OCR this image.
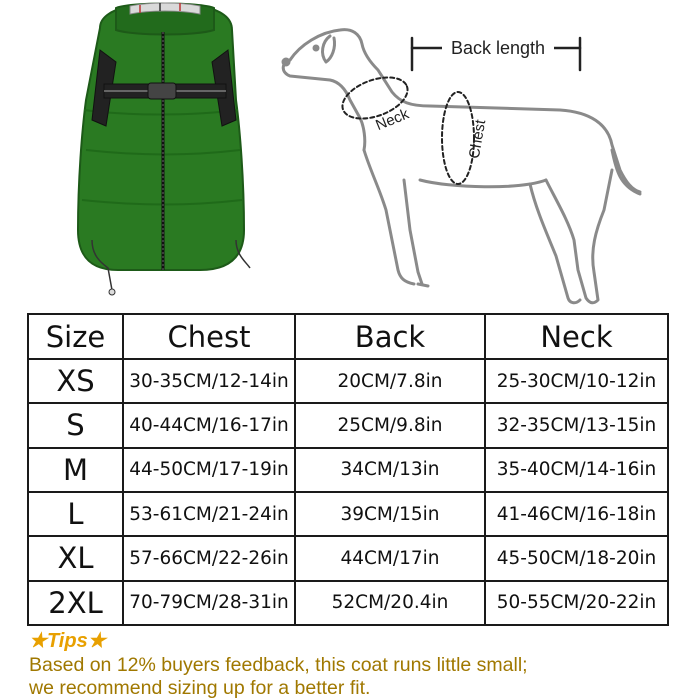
Back length
Neck	Chest
Size	Chest	Back	Neck
XS	30-35CM/12-14in	20CM/7.8in	25-30CM/10-12in
S	40-44CM/16-17in	25CM/9.8in	32-35CM/13-15in
M	44-50CM/17-19in	34CM/13in	35-40CM/14-16in
L	53-61CM/21-24in	39CM/15in	41-46CM/16-18in
XL	57-66CM/22-26in	44CM/17in	45-50CM/18-20in
2XL	70-79CM/28-31in	52CM/20.4in	50-55CM/20-22in
★Tips★
Based on 12% buyers feedback, this coat runs little small;
we recommend sizing up for a better fit.
